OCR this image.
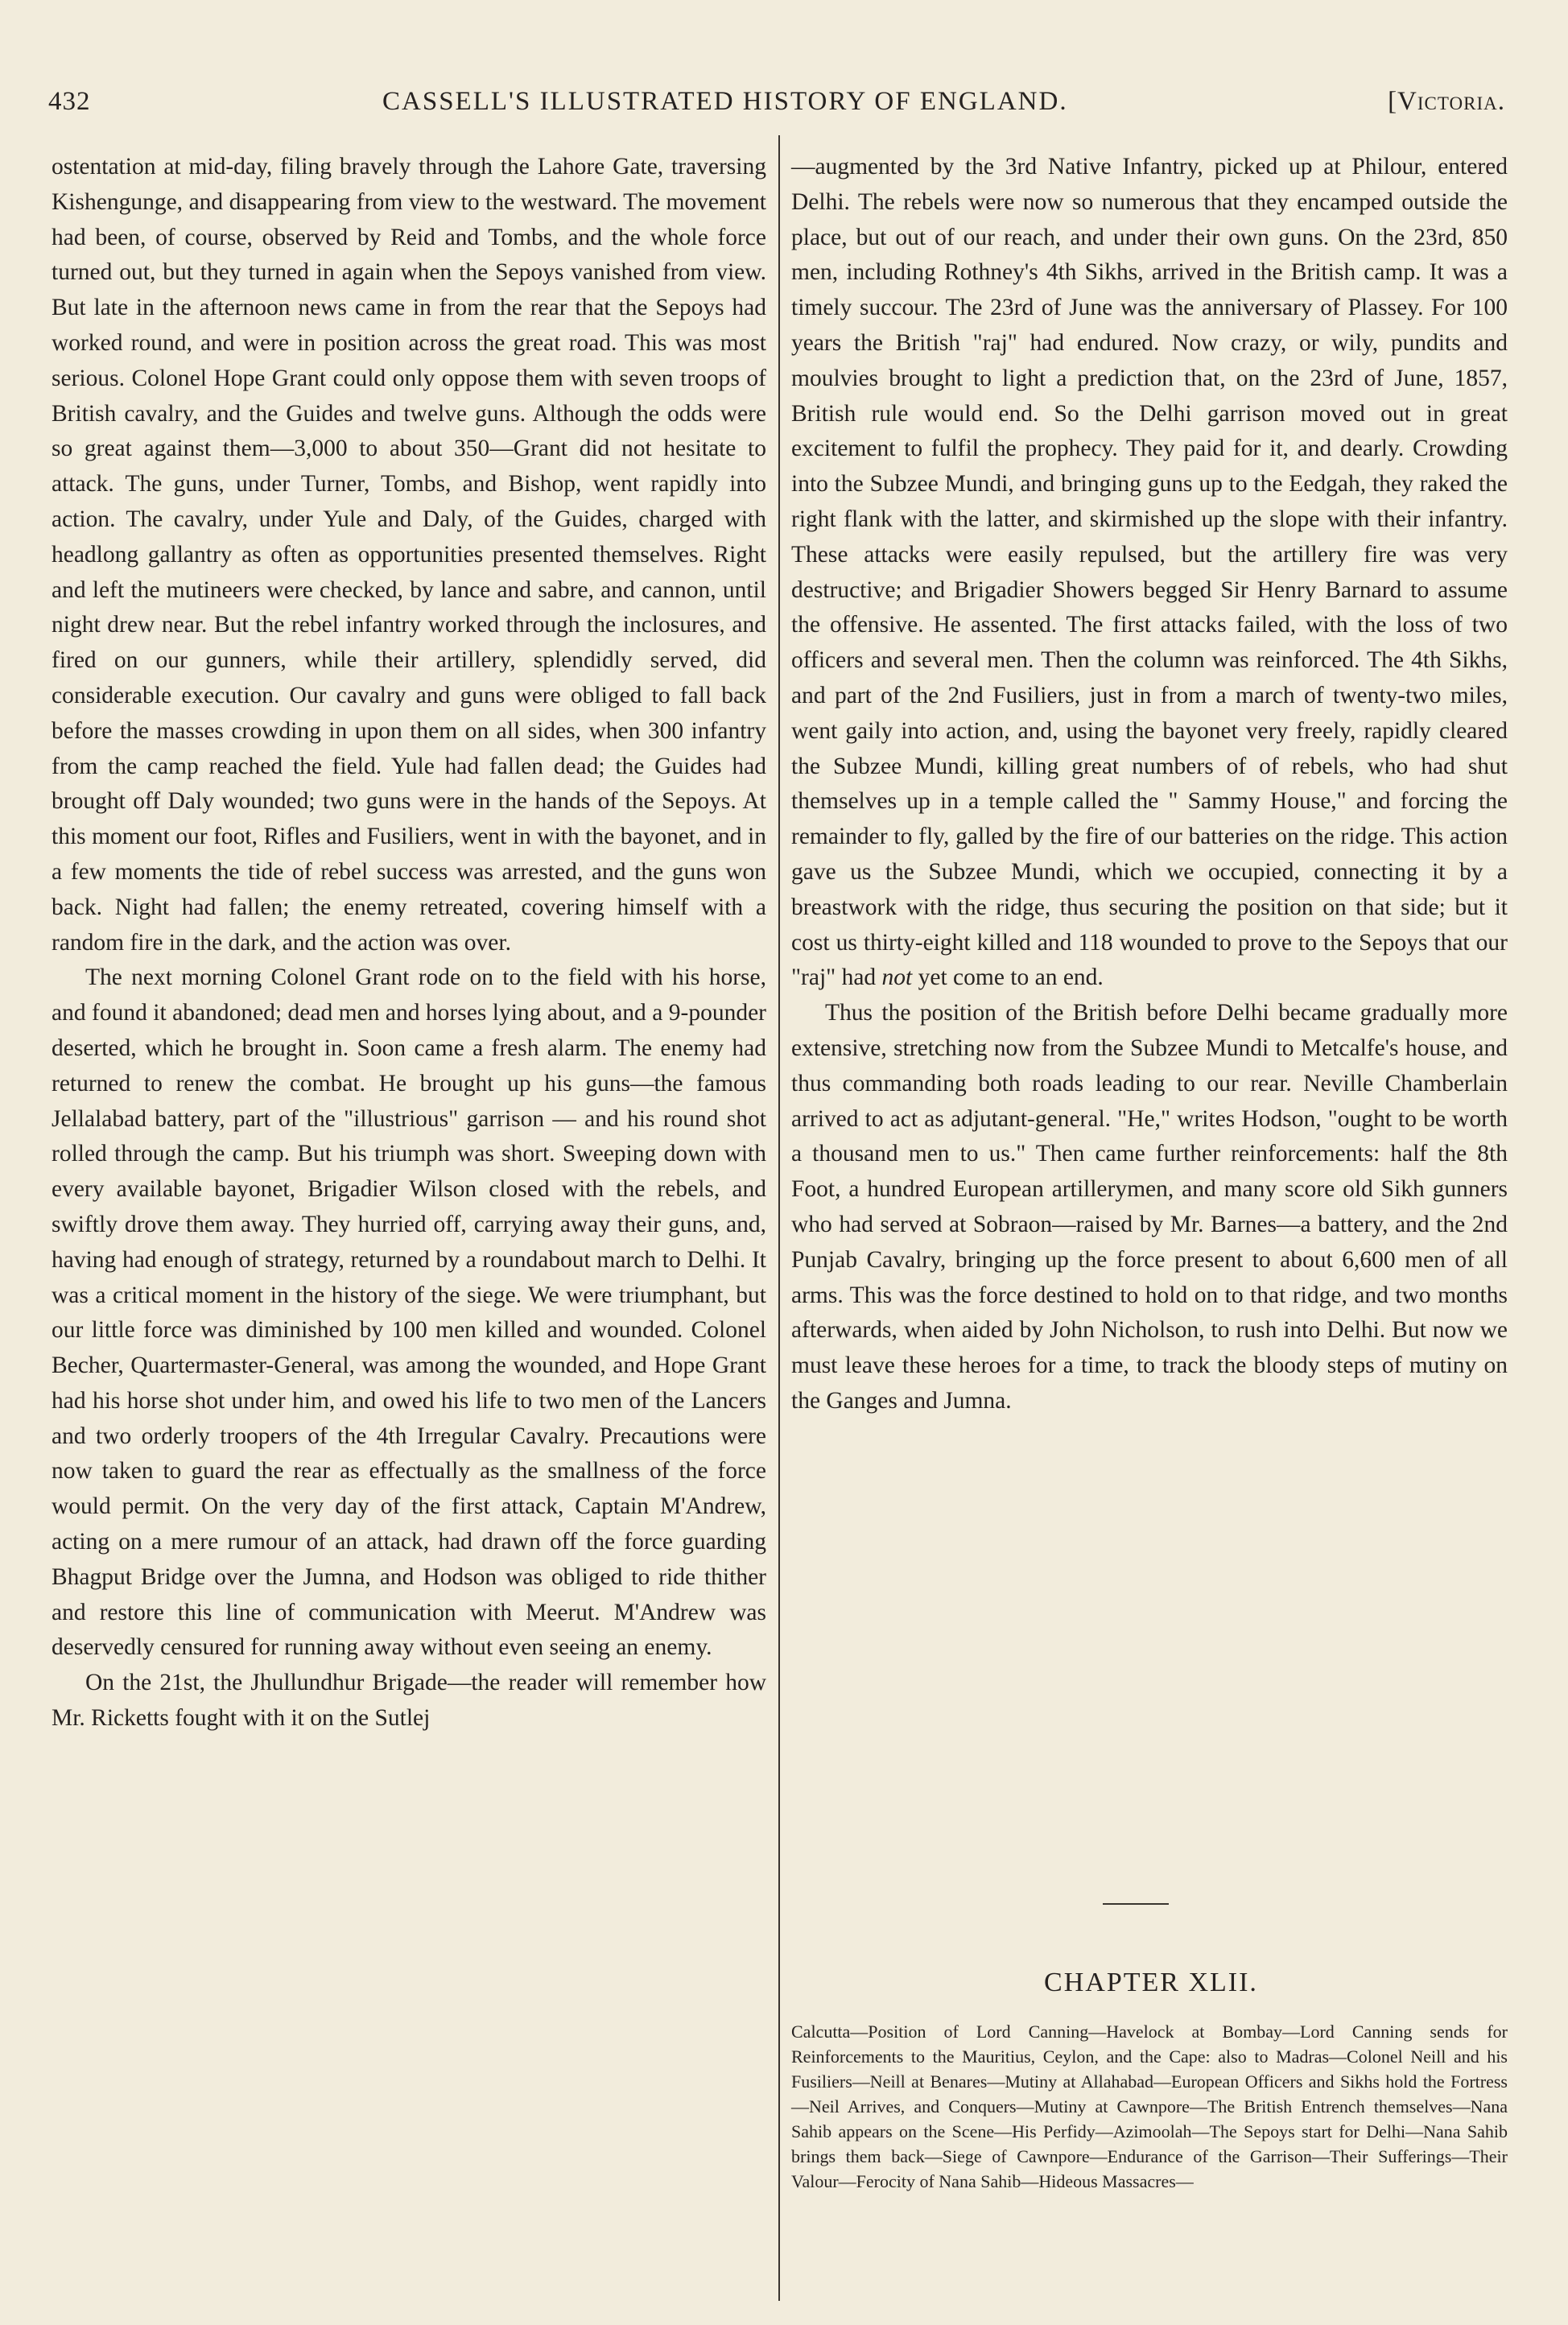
432	CASSELL'S ILLUSTRATED HISTORY OF ENGLAND.	[Victoria.

ostentation at mid-day, filing bravely through the Lahore Gate, traversing Kishengunge, and disappearing from view to the westward. The movement had been, of course, observed by Reid and Tombs, and the whole force turned out, but they turned in again when the Sepoys vanished from view. But late in the afternoon news came in from the rear that the Sepoys had worked round, and were in position across the great road. This was most serious. Colonel Hope Grant could only oppose them with seven troops of British cavalry, and the Guides and twelve guns. Although the odds were so great against them—3,000 to about 350—Grant did not hesitate to attack. The guns, under Turner, Tombs, and Bishop, went rapidly into action. The cavalry, under Yule and Daly, of the Guides, charged with headlong gallantry as often as opportunities presented themselves. Right and left the mutineers were checked, by lance and sabre, and cannon, until night drew near. But the rebel infantry worked through the inclosures, and fired on our gunners, while their artillery, splendidly served, did considerable execution. Our cavalry and guns were obliged to fall back before the masses crowding in upon them on all sides, when 300 infantry from the camp reached the field. Yule had fallen dead; the Guides had brought off Daly wounded; two guns were in the hands of the Sepoys. At this moment our foot, Rifles and Fusiliers, went in with the bayonet, and in a few moments the tide of rebel success was arrested, and the guns won back. Night had fallen; the enemy retreated, covering himself with a random fire in the dark, and the action was over.

The next morning Colonel Grant rode on to the field with his horse, and found it abandoned; dead men and horses lying about, and a 9-pounder deserted, which he brought in. Soon came a fresh alarm. The enemy had returned to renew the combat. He brought up his guns—the famous Jellalabad battery, part of the "illustrious" garrison — and his round shot rolled through the camp. But his triumph was short. Sweeping down with every available bayonet, Brigadier Wilson closed with the rebels, and swiftly drove them away. They hurried off, carrying away their guns, and, having had enough of strategy, returned by a roundabout march to Delhi. It was a critical moment in the history of the siege. We were triumphant, but our little force was diminished by 100 men killed and wounded. Colonel Becher, Quartermaster-General, was among the wounded, and Hope Grant had his horse shot under him, and owed his life to two men of the Lancers and two orderly troopers of the 4th Irregular Cavalry. Precautions were now taken to guard the rear as effectually as the smallness of the force would permit. On the very day of the first attack, Captain M'Andrew, acting on a mere rumour of an attack, had drawn off the force guarding Bhagput Bridge over the Jumna, and Hodson was obliged to ride thither and restore this line of communication with Meerut. M'Andrew was deservedly censured for running away without even seeing an enemy.

On the 21st, the Jhullundhur Brigade—the reader will remember how Mr. Ricketts fought with it on the Sutlej

—augmented by the 3rd Native Infantry, picked up at Philour, entered Delhi. The rebels were now so numerous that they encamped outside the place, but out of our reach, and under their own guns. On the 23rd, 850 men, including Rothney's 4th Sikhs, arrived in the British camp. It was a timely succour. The 23rd of June was the anniversary of Plassey. For 100 years the British "raj" had endured. Now crazy, or wily, pundits and moulvies brought to light a prediction that, on the 23rd of June, 1857, British rule would end. So the Delhi garrison moved out in great excitement to fulfil the prophecy. They paid for it, and dearly. Crowding into the Subzee Mundi, and bringing guns up to the Eedgah, they raked the right flank with the latter, and skirmished up the slope with their infantry. These attacks were easily repulsed, but the artillery fire was very destructive; and Brigadier Showers begged Sir Henry Barnard to assume the offensive. He assented. The first attacks failed, with the loss of two officers and several men. Then the column was reinforced. The 4th Sikhs, and part of the 2nd Fusiliers, just in from a march of twenty-two miles, went gaily into action, and, using the bayonet very freely, rapidly cleared the Subzee Mundi, killing great numbers of of rebels, who had shut themselves up in a temple called the " Sammy House," and forcing the remainder to fly, galled by the fire of our batteries on the ridge. This action gave us the Subzee Mundi, which we occupied, connecting it by a breastwork with the ridge, thus securing the position on that side; but it cost us thirty-eight killed and 118 wounded to prove to the Sepoys that our "raj" had not yet come to an end.

Thus the position of the British before Delhi became gradually more extensive, stretching now from the Subzee Mundi to Metcalfe's house, and thus commanding both roads leading to our rear. Neville Chamberlain arrived to act as adjutant-general. "He," writes Hodson, "ought to be worth a thousand men to us." Then came further reinforcements: half the 8th Foot, a hundred European artillerymen, and many score old Sikh gunners who had served at Sobraon—raised by Mr. Barnes—a battery, and the 2nd Punjab Cavalry, bringing up the force present to about 6,600 men of all arms. This was the force destined to hold on to that ridge, and two months afterwards, when aided by John Nicholson, to rush into Delhi. But now we must leave these heroes for a time, to track the bloody steps of mutiny on the Ganges and Jumna.

CHAPTER XLII.
Calcutta—Position of Lord Canning—Havelock at Bombay—Lord Canning sends for Reinforcements to the Mauritius, Ceylon, and the Cape: also to Madras—Colonel Neill and his Fusiliers—Neill at Benares—Mutiny at Allahabad—European Officers and Sikhs hold the Fortress—Neil Arrives, and Conquers—Mutiny at Cawnpore—The British Entrench themselves—Nana Sahib appears on the Scene—His Perfidy—Azimoolah—The Sepoys start for Delhi—Nana Sahib brings them back—Siege of Cawnpore—Endurance of the Garrison—Their Sufferings—Their Valour—Ferocity of Nana Sahib—Hideous Massacres—
